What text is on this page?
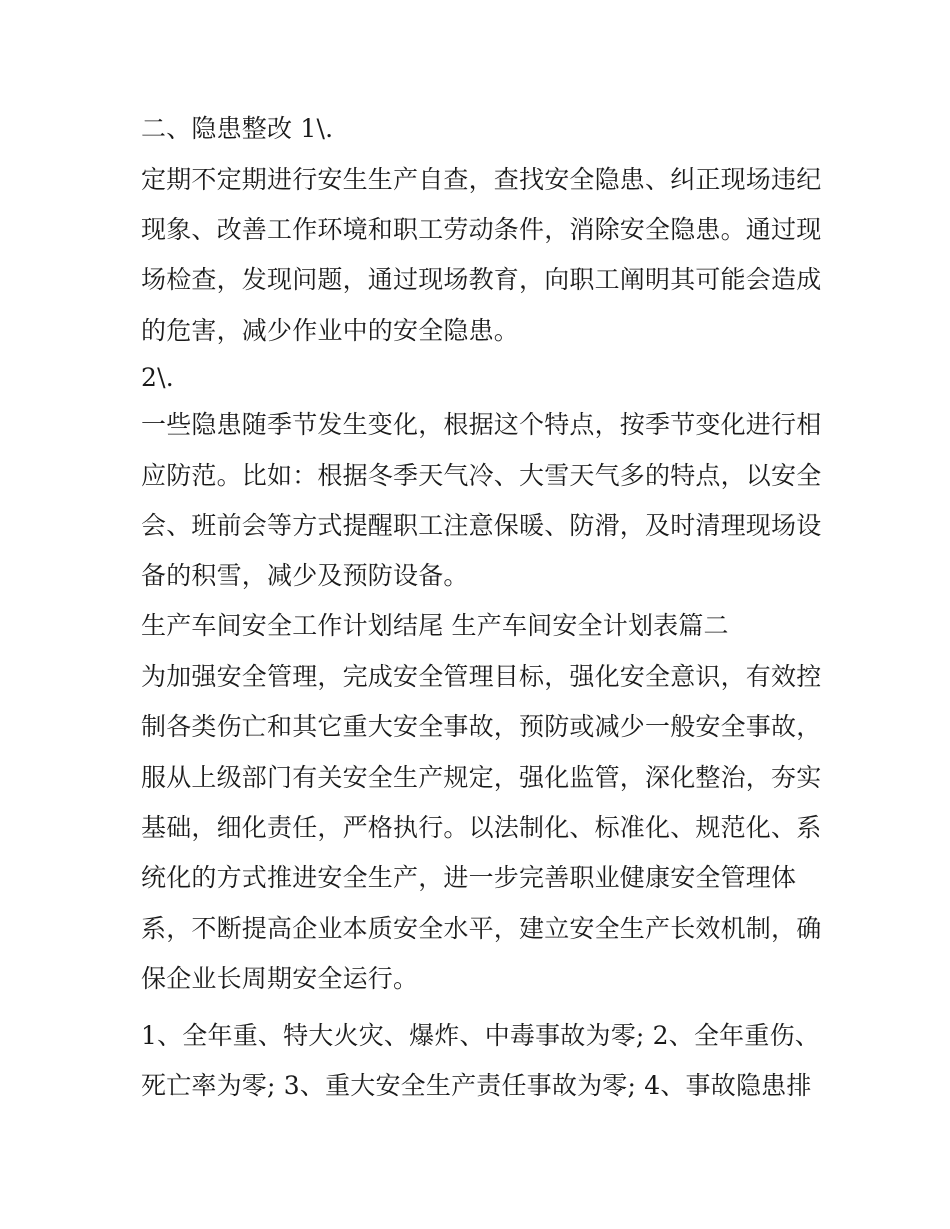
二、隐患整改 1\.
定期不定期进行安生生产自查，查找安全隐患、纠正现场违纪
现象、改善工作环境和职工劳动条件，消除安全隐患。通过现
场检查，发现问题，通过现场教育，向职工阐明其可能会造成
的危害，减少作业中的安全隐患。
2\.
一些隐患随季节发生变化，根据这个特点，按季节变化进行相
应防范。比如：根据冬季天气冷、大雪天气多的特点，以安全
会、班前会等方式提醒职工注意保暖、防滑，及时清理现场设
备的积雪，减少及预防设备。
生产车间安全工作计划结尾 生产车间安全计划表篇二
为加强安全管理，完成安全管理目标，强化安全意识，有效控
制各类伤亡和其它重大安全事故，预防或减少一般安全事故，
服从上级部门有关安全生产规定，强化监管，深化整治，夯实
基础，细化责任，严格执行。以法制化、标准化、规范化、系
统化的方式推进安全生产，进一步完善职业健康安全管理体
系，不断提高企业本质安全水平，建立安全生产长效机制，确
保企业长周期安全运行。
1、全年重、特大火灾、爆炸、中毒事故为零; 2、全年重伤、
死亡率为零; 3、重大安全生产责任事故为零; 4、事故隐患排
